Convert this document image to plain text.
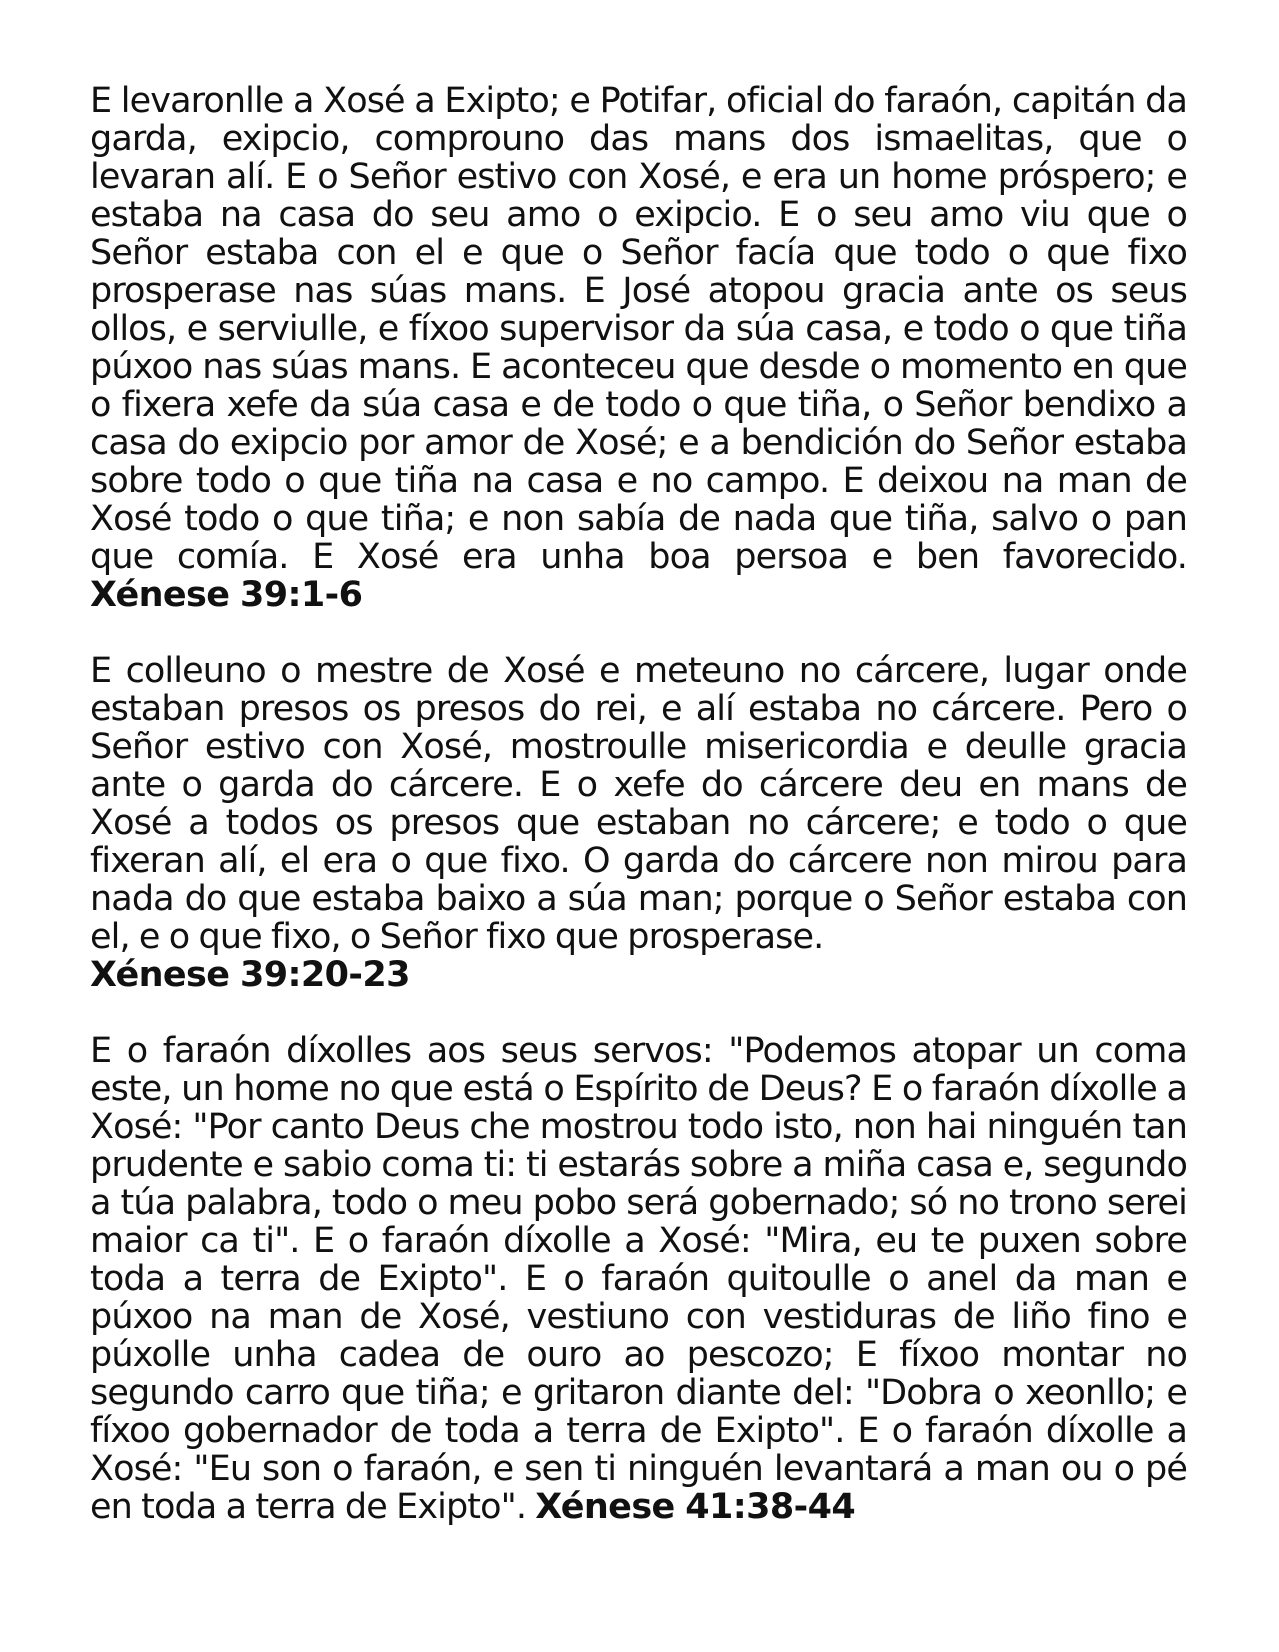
E levaronlle a Xosé a Exipto; e Potifar, oficial do faraón, capitán da garda, exipcio, comprouno das mans dos ismaelitas, que o levaran alí. E o Señor estivo con Xosé, e era un home próspero; e estaba na casa do seu amo o exipcio. E o seu amo viu que o Señor estaba con el e que o Señor facía que todo o que fixo prosperase nas súas mans. E José atopou gracia ante os seus ollos, e serviulle, e fíxoo supervisor da súa casa, e todo o que tiña púxoo nas súas mans. E aconteceu que desde o momento en que o fixera xefe da súa casa e de todo o que tiña, o Señor bendixo a casa do exipcio por amor de Xosé; e a bendición do Señor estaba sobre todo o que tiña na casa e no campo. E deixou na man de Xosé todo o que tiña; e non sabía de nada que tiña, salvo o pan que comía. E Xosé era unha boa persoa e ben favorecido. Xénese 39:1-6

E colleuno o mestre de Xosé e meteuno no cárcere, lugar onde estaban presos os presos do rei, e alí estaba no cárcere. Pero o Señor estivo con Xosé, mostroulle misericordia e deulle gracia ante o garda do cárcere. E o xefe do cárcere deu en mans de Xosé a todos os presos que estaban no cárcere; e todo o que fixeran alí, el era o que fixo. O garda do cárcere non mirou para nada do que estaba baixo a súa man; porque o Señor estaba con el, e o que fixo, o Señor fixo que prosperase.
Xénese 39:20-23

E o faraón díxolles aos seus servos: "Podemos atopar un coma este, un home no que está o Espírito de Deus? E o faraón díxolle a Xosé: "Por canto Deus che mostrou todo isto, non hai ninguén tan prudente e sabio coma ti: ti estarás sobre a miña casa e, segundo a túa palabra, todo o meu pobo será gobernado; só no trono serei maior ca ti". E o faraón díxolle a Xosé: "Mira, eu te puxen sobre toda a terra de Exipto". E o faraón quitoulle o anel da man e púxoo na man de Xosé, vestiuno con vestiduras de liño fino e púxolle unha cadea de ouro ao pescozo; E fíxoo montar no segundo carro que tiña; e gritaron diante del: "Dobra o xeonllo; e fíxoo gobernador de toda a terra de Exipto". E o faraón díxolle a Xosé: "Eu son o faraón, e sen ti ninguén levantará a man ou o pé en toda a terra de Exipto". Xénese 41:38-44
